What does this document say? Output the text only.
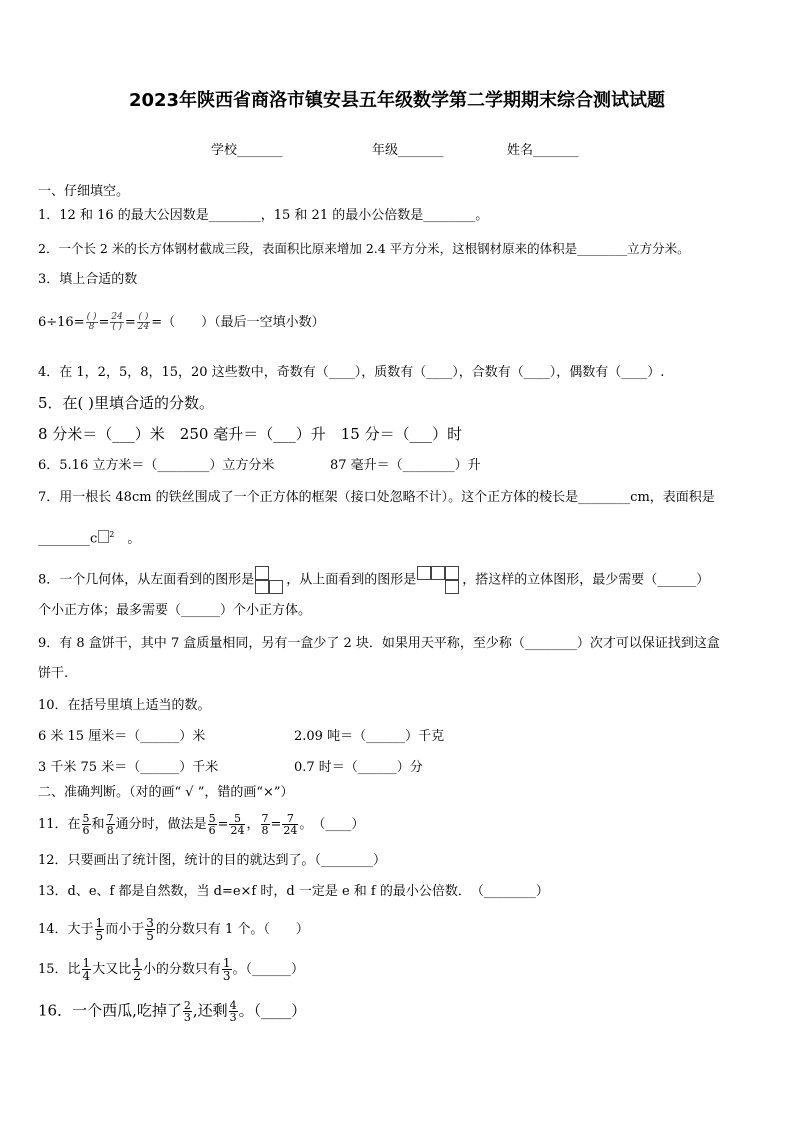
2023年陕西省商洛市镇安县五年级数学第二学期期末综合测试试题
学校_______	年级_______	姓名_______
一、仔细填空。
1．12 和 16 的最大公因数是________，15 和 21 的最小公倍数是________。
2．一个长 2 米的长方体钢材截成三段，表面积比原来增加 2.4 平方分米，这根钢材原来的体积是________立方分米。
3．填上合适的数
$6\div 16= \frac{( )}{8} = \frac{24}{( )} = \frac{( )}{24}$ =（　　）（最后一空填小数）
4．在 1，2，5，8，15，20 这些数中，奇数有（____），质数有（____），合数有（____），偶数有（____）.
5．在( )里填合适的分数。
8 分米＝（___）米　250 毫升＝（___）升　15 分＝（___）时
6．5.16 立方米＝（________）立方分米	87 毫升＝（________）升
7．用一根长 48cm 的铁丝围成了一个正方体的框架（接口处忽略不计）。这个正方体的棱长是________cm，表面积是
________c $^2$　 。
8．一个几何体，从左面看到的图形是 ，从上面看到的图形是	，搭这样的立体图形，最少需要（______）
个小正方体；最多需要（______）个小正方体。
9．有 8 盒饼干，其中 7 盒质量相同，另有一盒少了 2 块．如果用天平称，至少称（________）次才可以保证找到这盒
饼干.
10．在括号里填上适当的数。
6 米 15 厘米＝（______）米	2.09 吨＝（______）千克
3 千米 75 米＝（______）千米	0.7 时＝（______）分
二、准确判断。（对的画“ √ ”，错的画“×”）
11．在 $\frac{5}{6}$ 和 $\frac{7}{8}$ 通分时，做法是 $\frac{5}{6} = \frac{5}{24}$ ， $\frac{7}{8} = \frac{7}{24}$ 。　（____）
12．只要画出了统计图，统计的目的就达到了。（________）
13．d、e、f 都是自然数，当 d=e×f 时，d 一定是 e 和 f 的最小公倍数．　（________）
14．大于 $\frac{1}{5}$ 而小于 $\frac{3}{5}$ 的分数只有 1 个。（　　）
15．比 $\frac{1}{4}$ 大又比 $\frac{1}{2}$ 小的分数只有 $\frac{1}{3}$ 。（______）
16．一个西瓜,吃掉了 $\frac{2}{3}$ ,还剩 $\frac{4}{3}$ 。（____）
